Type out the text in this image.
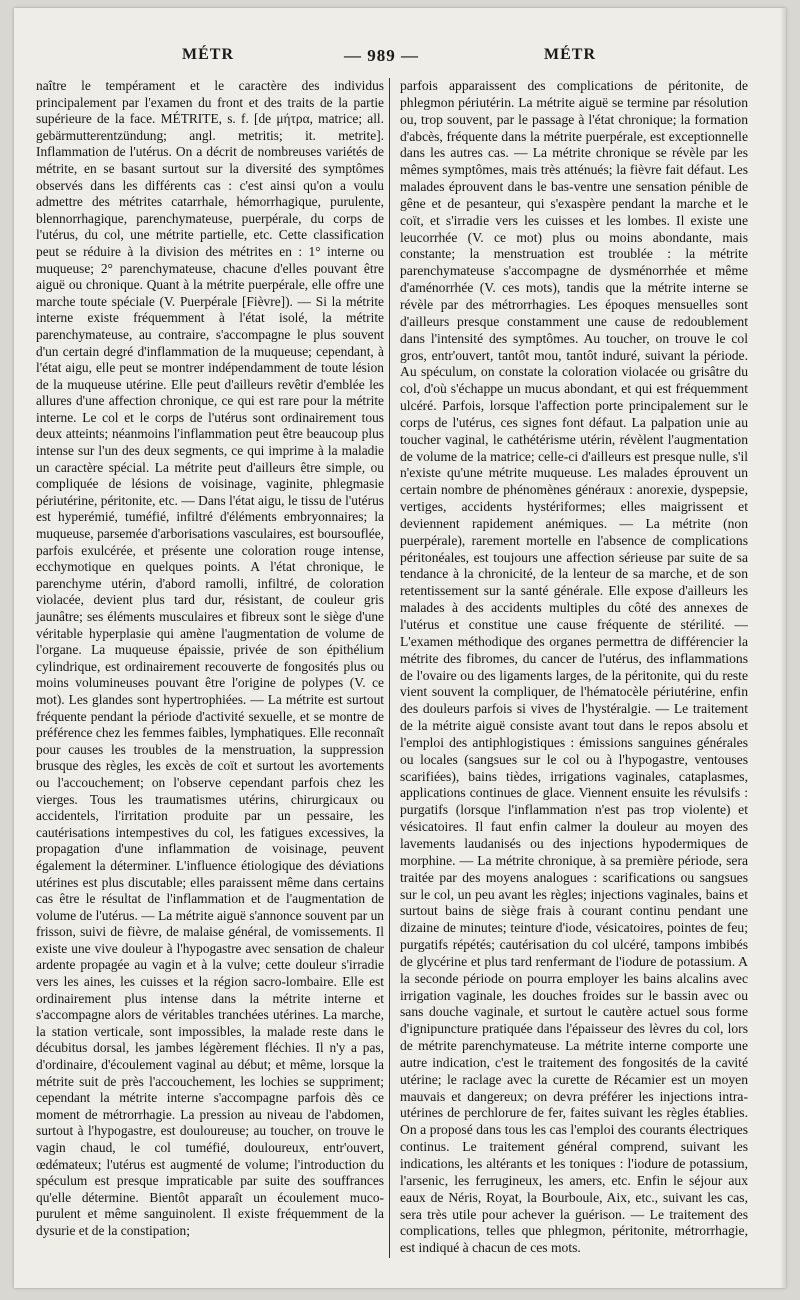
MÉTR	— 989 —	MÉTR

naître le tempérament et le caractère des individus principalement par l'examen du front et des traits de la partie supérieure de la face. MÉTRITE, s. f. [de μήτρα, matrice; all. gebärmutterentzündung; angl. metritis; it. metrite]. Inflammation de l'utérus. On a décrit de nombreuses variétés de métrite, en se basant surtout sur la diversité des symptômes observés dans les différents cas : c'est ainsi qu'on a voulu admettre des métrites catarrhale, hémorrhagique, purulente, blennorrhagique, parenchymateuse, puerpérale, du corps de l'utérus, du col, une métrite partielle, etc. Cette classification peut se réduire à la division des métrites en : 1° interne ou muqueuse; 2° parenchymateuse, chacune d'elles pouvant être aiguë ou chronique. Quant à la métrite puerpérale, elle offre une marche toute spéciale (V. Puerpérale [Fièvre]). — Si la métrite interne existe fréquemment à l'état isolé, la métrite parenchymateuse, au contraire, s'accompagne le plus souvent d'un certain degré d'inflammation de la muqueuse; cependant, à l'état aigu, elle peut se montrer indépendamment de toute lésion de la muqueuse utérine. Elle peut d'ailleurs revêtir d'emblée les allures d'une affection chronique, ce qui est rare pour la métrite interne. Le col et le corps de l'utérus sont ordinairement tous deux atteints; néanmoins l'inflammation peut être beaucoup plus intense sur l'un des deux segments, ce qui imprime à la maladie un caractère spécial. La métrite peut d'ailleurs être simple, ou compliquée de lésions de voisinage, vaginite, phlegmasie périutérine, péritonite, etc. — Dans l'état aigu, le tissu de l'utérus est hyperémié, tuméfié, infiltré d'éléments embryonnaires; la muqueuse, parsemée d'arborisations vasculaires, est boursouflée, parfois exulcérée, et présente une coloration rouge intense, ecchymotique en quelques points. A l'état chronique, le parenchyme utérin, d'abord ramolli, infiltré, de coloration violacée, devient plus tard dur, résistant, de couleur gris jaunâtre; ses éléments musculaires et fibreux sont le siège d'une véritable hyperplasie qui amène l'augmentation de volume de l'organe. La muqueuse épaissie, privée de son épithélium cylindrique, est ordinairement recouverte de fongosités plus ou moins volumineuses pouvant être l'origine de polypes (V. ce mot). Les glandes sont hypertrophiées. — La métrite est surtout fréquente pendant la période d'activité sexuelle, et se montre de préférence chez les femmes faibles, lymphatiques. Elle reconnaît pour causes les troubles de la menstruation, la suppression brusque des règles, les excès de coït et surtout les avortements ou l'accouchement; on l'observe cependant parfois chez les vierges. Tous les traumatismes utérins, chirurgicaux ou accidentels, l'irritation produite par un pessaire, les cautérisations intempestives du col, les fatigues excessives, la propagation d'une inflammation de voisinage, peuvent également la déterminer. L'influence étiologique des déviations utérines est plus discutable; elles paraissent même dans certains cas être le résultat de l'inflammation et de l'augmentation de volume de l'utérus. — La métrite aiguë s'annonce souvent par un frisson, suivi de fièvre, de malaise général, de vomissements. Il existe une vive douleur à l'hypogastre avec sensation de chaleur ardente propagée au vagin et à la vulve; cette douleur s'irradie vers les aines, les cuisses et la région sacro-lombaire. Elle est ordinairement plus intense dans la métrite interne et s'accompagne alors de véritables tranchées utérines. La marche, la station verticale, sont impossibles, la malade reste dans le décubitus dorsal, les jambes légèrement fléchies. Il n'y a pas, d'ordinaire, d'écoulement vaginal au début; et même, lorsque la métrite suit de près l'accouchement, les lochies se suppriment; cependant la métrite interne s'accompagne parfois dès ce moment de métrorrhagie. La pression au niveau de l'abdomen, surtout à l'hypogastre, est douloureuse; au toucher, on trouve le vagin chaud, le col tuméfié, douloureux, entr'ouvert, œdémateux; l'utérus est augmenté de volume; l'introduction du spéculum est presque impraticable par suite des souffrances qu'elle détermine. Bientôt apparaît un écoulement muco-purulent et même sanguinolent. Il existe fréquemment de la dysurie et de la constipation;

parfois apparaissent des complications de péritonite, de phlegmon périutérin. La métrite aiguë se termine par résolution ou, trop souvent, par le passage à l'état chronique; la formation d'abcès, fréquente dans la métrite puerpérale, est exceptionnelle dans les autres cas. — La métrite chronique se révèle par les mêmes symptômes, mais très atténués; la fièvre fait défaut. Les malades éprouvent dans le bas-ventre une sensation pénible de gêne et de pesanteur, qui s'exaspère pendant la marche et le coït, et s'irradie vers les cuisses et les lombes. Il existe une leucorrhée (V. ce mot) plus ou moins abondante, mais constante; la menstruation est troublée : la métrite parenchymateuse s'accompagne de dysménorrhée et même d'aménorrhée (V. ces mots), tandis que la métrite interne se révèle par des métrorrhagies. Les époques mensuelles sont d'ailleurs presque constamment une cause de redoublement dans l'intensité des symptômes. Au toucher, on trouve le col gros, entr'ouvert, tantôt mou, tantôt induré, suivant la période. Au spéculum, on constate la coloration violacée ou grisâtre du col, d'où s'échappe un mucus abondant, et qui est fréquemment ulcéré. Parfois, lorsque l'affection porte principalement sur le corps de l'utérus, ces signes font défaut. La palpation unie au toucher vaginal, le cathétérisme utérin, révèlent l'augmentation de volume de la matrice; celle-ci d'ailleurs est presque nulle, s'il n'existe qu'une métrite muqueuse. Les malades éprouvent un certain nombre de phénomènes généraux : anorexie, dyspepsie, vertiges, accidents hystériformes; elles maigrissent et deviennent rapidement anémiques. — La métrite (non puerpérale), rarement mortelle en l'absence de complications péritonéales, est toujours une affection sérieuse par suite de sa tendance à la chronicité, de la lenteur de sa marche, et de son retentissement sur la santé générale. Elle expose d'ailleurs les malades à des accidents multiples du côté des annexes de l'utérus et constitue une cause fréquente de stérilité. — L'examen méthodique des organes permettra de différencier la métrite des fibromes, du cancer de l'utérus, des inflammations de l'ovaire ou des ligaments larges, de la péritonite, qui du reste vient souvent la compliquer, de l'hématocèle périutérine, enfin des douleurs parfois si vives de l'hystéralgie. — Le traitement de la métrite aiguë consiste avant tout dans le repos absolu et l'emploi des antiphlogistiques : émissions sanguines générales ou locales (sangsues sur le col ou à l'hypogastre, ventouses scarifiées), bains tièdes, irrigations vaginales, cataplasmes, applications continues de glace. Viennent ensuite les révulsifs : purgatifs (lorsque l'inflammation n'est pas trop violente) et vésicatoires. Il faut enfin calmer la douleur au moyen des lavements laudanisés ou des injections hypodermiques de morphine. — La métrite chronique, à sa première période, sera traitée par des moyens analogues : scarifications ou sangsues sur le col, un peu avant les règles; injections vaginales, bains et surtout bains de siège frais à courant continu pendant une dizaine de minutes; teinture d'iode, vésicatoires, pointes de feu; purgatifs répétés; cautérisation du col ulcéré, tampons imbibés de glycérine et plus tard renfermant de l'iodure de potassium. A la seconde période on pourra employer les bains alcalins avec irrigation vaginale, les douches froides sur le bassin avec ou sans douche vaginale, et surtout le cautère actuel sous forme d'ignipuncture pratiquée dans l'épaisseur des lèvres du col, lors de métrite parenchymateuse. La métrite interne comporte une autre indication, c'est le traitement des fongosités de la cavité utérine; le raclage avec la curette de Récamier est un moyen mauvais et dangereux; on devra préférer les injections intra-utérines de perchlorure de fer, faites suivant les règles établies. On a proposé dans tous les cas l'emploi des courants électriques continus. Le traitement général comprend, suivant les indications, les altérants et les toniques : l'iodure de potassium, l'arsenic, les ferrugineux, les amers, etc. Enfin le séjour aux eaux de Néris, Royat, la Bourboule, Aix, etc., suivant les cas, sera très utile pour achever la guérison. — Le traitement des complications, telles que phlegmon, péritonite, métrorrhagie, est indiqué à chacun de ces mots.
